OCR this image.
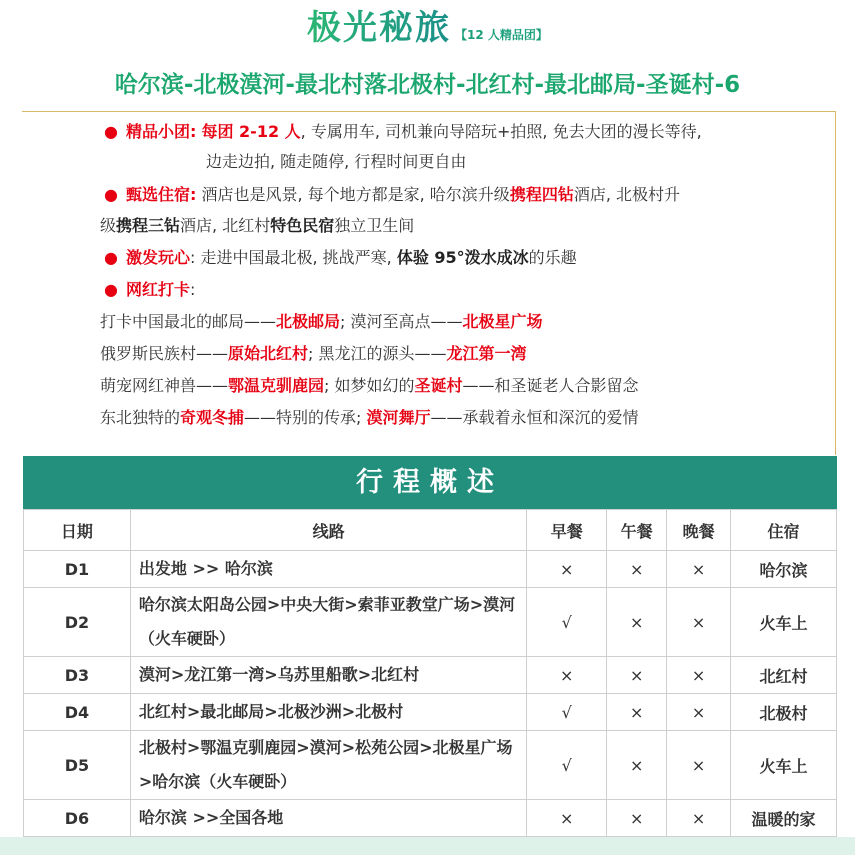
极光秘旅 【12 人精品团】
哈尔滨-北极漠河-最北村落北极村-北红村-最北邮局-圣诞村-6
● 精品小团: 每团 2-12 人, 专属用车, 司机兼向导陪玩+拍照, 免去大团的漫长等待,
边走边拍, 随走随停, 行程时间更自由
● 甄选住宿: 酒店也是风景, 每个地方都是家, 哈尔滨升级携程四钻酒店, 北极村升
级携程三钻酒店, 北红村特色民宿独立卫生间
● 激发玩心: 走进中国最北极, 挑战严寒, 体验 95°泼水成冰的乐趣
● 网红打卡:
打卡中国最北的邮局——北极邮局; 漠河至高点——北极星广场
俄罗斯民族村——原始北红村; 黑龙江的源头——龙江第一湾
萌宠网红神兽——鄂温克驯鹿园; 如梦如幻的圣诞村——和圣诞老人合影留念
东北独特的奇观冬捕——特别的传承; 漠河舞厅——承载着永恒和深沉的爱情
行程概述
日期	线路	早餐	午餐	晚餐	住宿
D1	出发地 >> 哈尔滨	×	×	×	哈尔滨
D2	哈尔滨太阳岛公园>中央大街>索菲亚教堂广场>漠河（火车硬卧）	√	×	×	火车上
D3	漠河>龙江第一湾>乌苏里船歌>北红村	×	×	×	北红村
D4	北红村>最北邮局>北极沙洲>北极村	√	×	×	北极村
D5	北极村>鄂温克驯鹿园>漠河>松苑公园>北极星广场>哈尔滨（火车硬卧）	√	×	×	火车上
D6	哈尔滨 >>全国各地	×	×	×	温暖的家
